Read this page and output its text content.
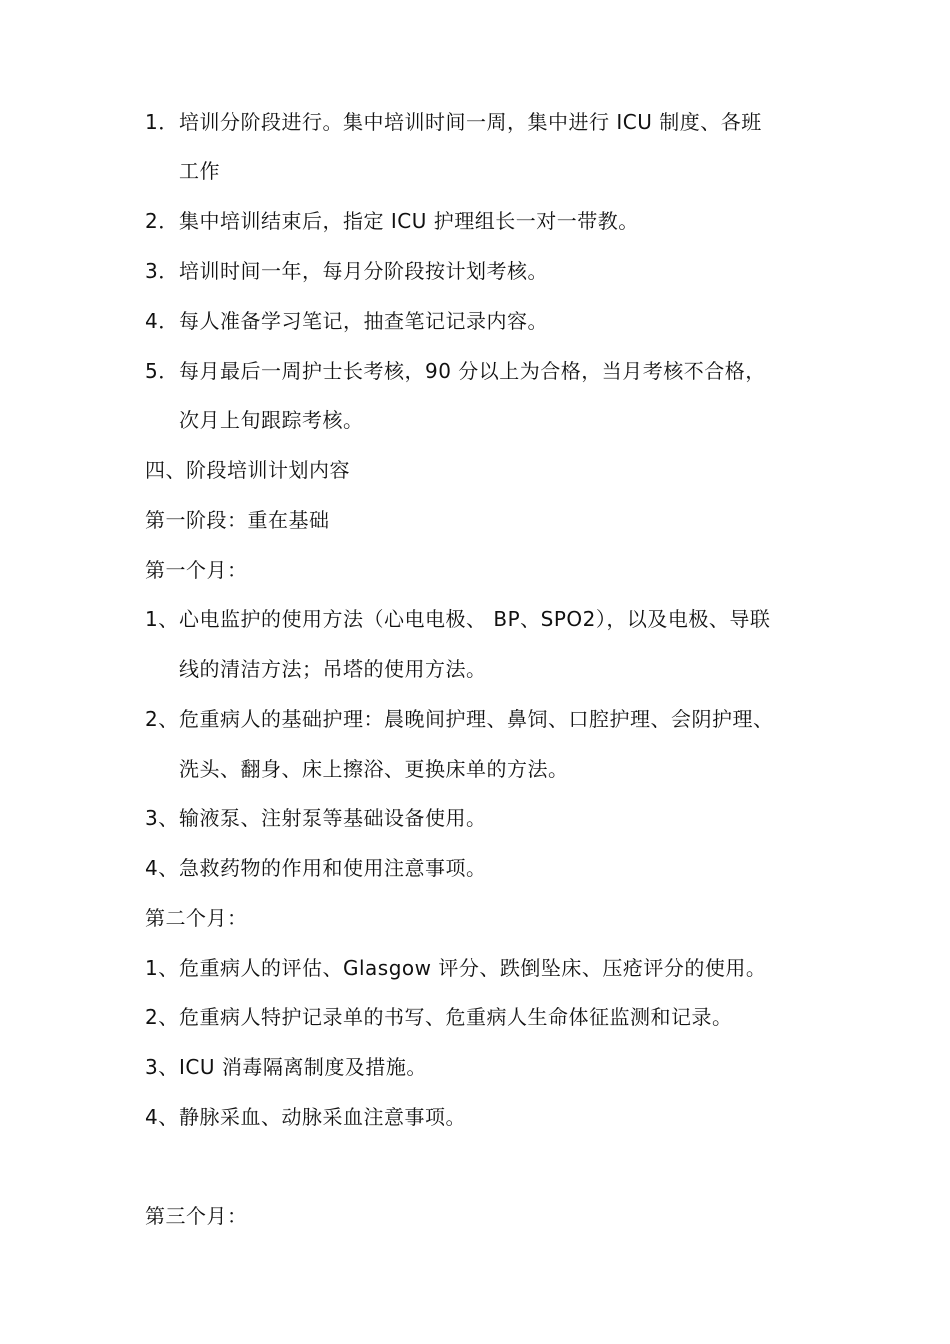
1．培训分阶段进行。集中培训时间一周，集中进行 ICU 制度、各班
工作
2．集中培训结束后，指定 ICU 护理组长一对一带教。
3．培训时间一年，每月分阶段按计划考核。
4．每人准备学习笔记，抽查笔记记录内容。
5．每月最后一周护士长考核，90 分以上为合格，当月考核不合格，
次月上旬跟踪考核。
四、阶段培训计划内容
第一阶段：重在基础
第一个月：
1、心电监护的使用方法（心电电极、 BP、SPO2），以及电极、导联
线的清洁方法；吊塔的使用方法。
2、危重病人的基础护理：晨晚间护理、鼻饲、口腔护理、会阴护理、
洗头、翻身、床上擦浴、更换床单的方法。
3、输液泵、注射泵等基础设备使用。
4、急救药物的作用和使用注意事项。
第二个月：
1、危重病人的评估、Glasgow 评分、跌倒坠床、压疮评分的使用。
2、危重病人特护记录单的书写、危重病人生命体征监测和记录。
3、ICU 消毒隔离制度及措施。
4、静脉采血、动脉采血注意事项。
第三个月：
